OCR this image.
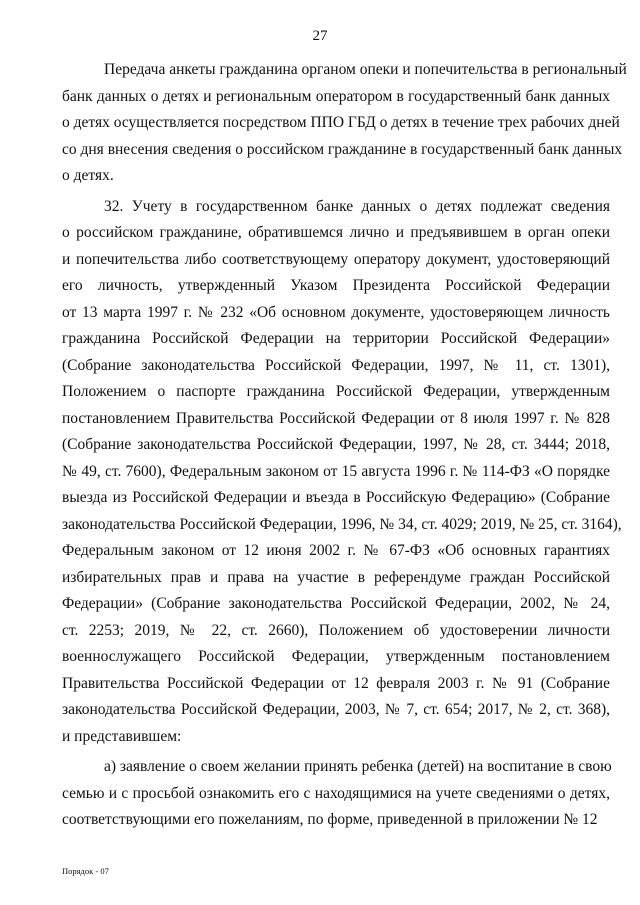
27
Передача анкеты гражданина органом опеки и попечительства в региональный
банк данных о детях и региональным оператором в государственный банк данных
о детях осуществляется посредством ППО ГБД о детях в течение трех рабочих дней
со дня внесения сведения о российском гражданине в государственный банк данных
о детях.
32. Учету в государственном банке данных о детях подлежат сведения
о российском гражданине, обратившемся лично и предъявившем в орган опеки
и попечительства либо соответствующему оператору документ, удостоверяющий
его личность, утвержденный Указом Президента Российской Федерации
от 13 марта 1997 г. № 232 «Об основном документе, удостоверяющем личность
гражданина Российской Федерации на территории Российской Федерации»
(Собрание законодательства Российской Федерации, 1997, № 11, ст. 1301),
Положением о паспорте гражданина Российской Федерации, утвержденным
постановлением Правительства Российской Федерации от 8 июля 1997 г. № 828
(Собрание законодательства Российской Федерации, 1997, № 28, ст. 3444; 2018,
№ 49, ст. 7600), Федеральным законом от 15 августа 1996 г. № 114-ФЗ «О порядке
выезда из Российской Федерации и въезда в Российскую Федерацию» (Собрание
законодательства Российской Федерации, 1996, № 34, ст. 4029; 2019, № 25, ст. 3164),
Федеральным законом от 12 июня 2002 г. № 67-ФЗ «Об основных гарантиях
избирательных прав и права на участие в референдуме граждан Российской
Федерации» (Собрание законодательства Российской Федерации, 2002, № 24,
ст. 2253; 2019, № 22, ст. 2660), Положением об удостоверении личности
военнослужащего Российской Федерации, утвержденным постановлением
Правительства Российской Федерации от 12 февраля 2003 г. № 91 (Собрание
законодательства Российской Федерации, 2003, № 7, ст. 654; 2017, № 2, ст. 368),
и представившем:
а) заявление о своем желании принять ребенка (детей) на воспитание в свою
семью и с просьбой ознакомить его с находящимися на учете сведениями о детях,
соответствующими его пожеланиям, по форме, приведенной в приложении № 12
Порядок - 07
